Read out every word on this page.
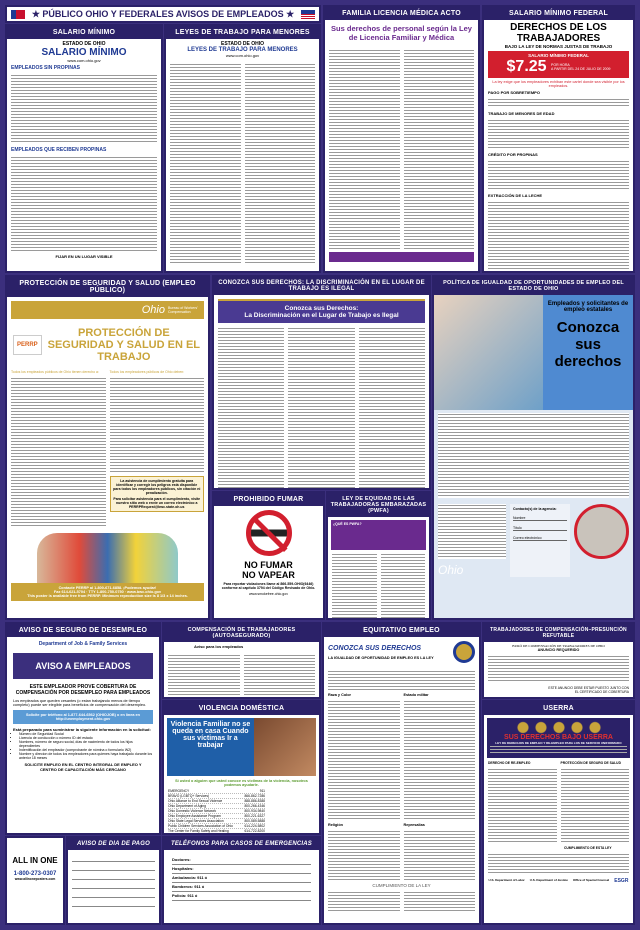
★ PÚBLICO OHIO Y FEDERALES AVISOS DE EMPLEADOS ★
SALARIO MÍNIMO
ESTADO DE OHIO
SALARIO MÍNIMO
www.com.ohio.gov
EMPLEADOS SIN PROPINAS
EMPLEADOS QUE RECIBEN PROPINAS
FIJAR EN UN LUGAR VISIBLE
LEYES DE TRABAJO PARA MENORES
ESTADO DE OHIO
LEYES DE TRABAJO PARA MENORES
www.com.ohio.gov
FAMILIA LICENCIA MÉDICA ACTO
Sus derechos de personal según la Ley de Licencia Familiar y Médica
SALARIO MÍNIMO FEDERAL
DERECHOS DE LOS TRABAJADORES
BAJO LA LEY DE NORMAS JUSTAS DE TRABAJO
SALARIO MÍNIMO FEDERAL
$7.25 POR HORA
A PARTIR DEL 24 DE JULIO DE 2009
La ley exige que los empleadores exhiban este cartel donde sea visible por los empleados.
PAGO POR SOBRETIEMPO
TRABAJO DE MENORES DE EDAD
CRÉDITO POR PROPINAS
EXTRACCIÓN DE LA LECHE
PROTECCIÓN DE SEGURIDAD Y SALUD (EMPLEO PÚBLICO)
Ohio Bureau of Workers' Compensation
PERRP
PROTECCIÓN DE SEGURIDAD Y SALUD EN EL TRABAJO
Todos los empleados públicos de Ohio tienen derecho a:	Todos los empleadores públicos de Ohio deben:
La asistencia de cumplimiento gratuita para identificar y corregir los peligros está disponible para todos los empleadores públicos, sin citación ni penalización.
Para solicitar asistencia para el cumplimiento, visite nuestro sitio web o envíe un correo electrónico a PERRPRequest@bwc.state.oh.us
Contacte PERRP al 1-800-671-6858. ¡Podemos ayudar!
Fax 614-621-5704 · TTY 1-800-750-0750 · www.bwc.ohio.gov
This poster is available free from PERRP. Minimum reproduction size is 8 1/3 x 14 inches.
CONOZCA SUS DERECHOS: LA DISCRIMINACIÓN EN EL LUGAR DE TRABAJO ES ILEGAL
Conozca sus Derechos:
La Discriminación en el Lugar de Trabajo es Ilegal
PROHIBIDO FUMAR
NO FUMAR
NO VAPEAR
Para reportar violaciones llame al 866-559-OHIO(6446) conforme al capítulo 3794 del Código Revisado de Ohio.
www.smokefree.ohio.gov
LEY DE EQUIDAD DE LAS TRABAJADORAS EMBARAZADAS (PWFA)
¿QUÉ ES PWFA?
POLÍTICA DE IGUALDAD DE OPORTUNIDADES DE EMPLEO DEL ESTADO DE OHIO
Empleados y solicitantes de empleo estatales
Conozca sus derechos
Ohio
Contacto(s) de la agencia:
Nombre
Título
Correo electrónico
AVISO DE SEGURO DE DESEMPLEO
Department of Job & Family Services
AVISO A EMPLEADOS
ESTE EMPLEADOR PROVE COBERTURA DE COMPENSACIÓN POR DESEMPLEO PARA EMPLEADOS
Los empleados que queden cesantes (o estan trabajando menos de tiempo completo) puede ser elegible para beneficios de compensación del desempleo.
Solicite por teléfono al 1-877-644-6562 (OHIOJOB) o en línea en http://unemployment.ohio.gov
Está preparado para suministrar la siguiente información en la solicitud:
• Número de Seguridad Social
• Licencia de conducción o número ID del estado
• Nombres, número de seguro social, días de nacimiento de todos los hijos dependientes
• Indentificación del empleador (comprobante de nómina o formulario W2)
• Nombre y direcion de todos los empleadores para quienes haya trabajado durante los anterior 18 meses
SOLICITE EMPLEO EN EL CENTRO INTEGRAL DE EMPLEO Y CENTRO DE CAPACITACIÓN MÁS CERCANO
ALL IN ONE
1-800-273-0307
www.allinoneposters.com
AVISO DE DIA DE PAGO
COMPENSACIÓN DE TRABAJADORES (AUTOASEGURADO)
Aviso para los empleados
VIOLENCIA DOMÉSTICA
Violencia Familiar no se queda en casa Cuando sus víctimas Ir a trabajar
Si usted o alguien que usted conoce es víctimas de la violencia, nosotros podemos ayudarle.
EMERGENCY	911
BRAVO (LGBTQ+ Services)	866-862-7286
Ohio Alliance to End Sexual Violence	888-886-8388
Ohio Department of Aging	800-266-4346
Ohio Domestic Violence Network	800-934-9840
Ohio Employee Assistance Program	800-221-6327
Ohio State Legal Services Association	800-589-5888
Public Children Services Association of Ohio	614-224-5802
The Center for Family Safety and Healing	614-722-8200
TELÉFONOS PARA CASOS DE EMERGENCIAS
Doctores:
Hospitales:
Ambulancia: 911 ó
Bomberos: 911 ó
Policía: 911 ó
EQUITATIVO EMPLEO
CONOZCA SUS DERECHOS
LA IGUALDAD DE OPORTUNIDAD DE EMPLEO ES LA LEY
Raza y Color	Estado militar
Religión	Represalias
CUMPLIMIENTO DE LA LEY
TRABAJADORES DE COMPENSACIÓN–PRESUNCIÓN REFUTABLE
BURÓ DE COMPENSACIÓN DE TRABAJADORES DE OHIO
ANUNCIO REQUERIDO
ESTE ANUNCIO DEBE ESTAR PUESTO JUNTO CON EL CERTIFICADO DE COBERTURA
USERRA
SUS DERECHOS BAJO USERRA
LEY DE DERECHOS DE EMPLEO Y RE-EMPLEO PARA LOS DE SERVICIO UNIFORMADO
DERECHO DE RE-EMPLEO	PROTECCIÓN DE SEGURO DE SALUD
CUMPLIMIENTO DE ESTA LEY
U.S. Department of Labor U.S. Department of Justice Office of Special Counsel ESGR
